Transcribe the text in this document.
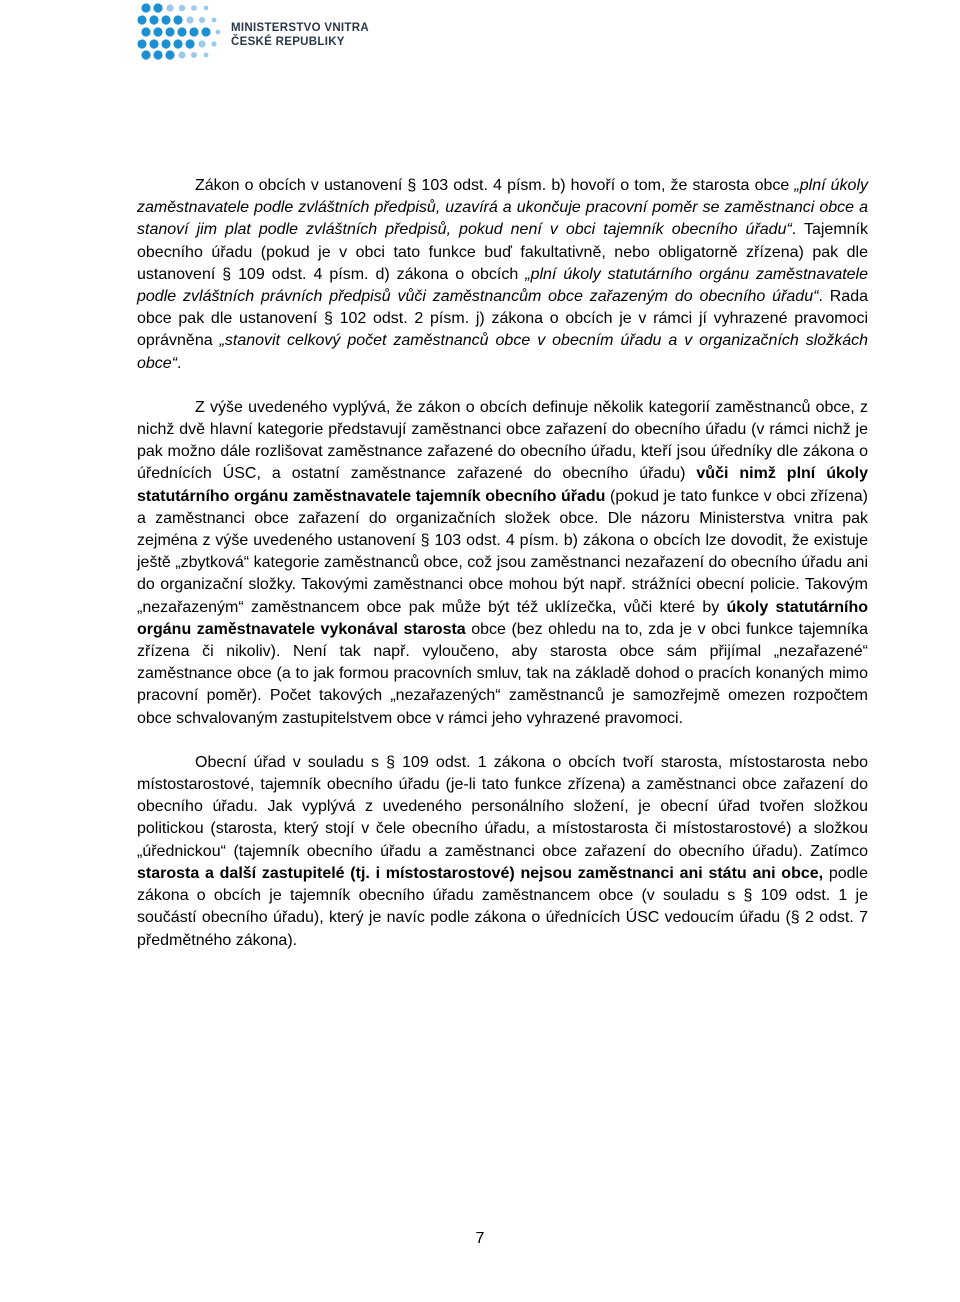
MINISTERSTVO VNITRA
ČESKÉ REPUBLIKY

Zákon o obcích v ustanovení § 103 odst. 4 písm. b) hovoří o tom, že starosta obce „plní úkoly zaměstnavatele podle zvláštních předpisů, uzavírá a ukončuje pracovní poměr se zaměstnanci obce a stanoví jim plat podle zvláštních předpisů, pokud není v obci tajemník obecního úřadu“. Tajemník obecního úřadu (pokud je v obci tato funkce buď fakultativně, nebo obligatorně zřízena) pak dle ustanovení § 109 odst. 4 písm. d) zákona o obcích „plní úkoly statutárního orgánu zaměstnavatele podle zvláštních právních předpisů vůči zaměstnancům obce zařazeným do obecního úřadu“. Rada obce pak dle ustanovení § 102 odst. 2 písm. j) zákona o obcích je v rámci jí vyhrazené pravomoci oprávněna „stanovit celkový počet zaměstnanců obce v obecním úřadu a v organizačních složkách obce“.

Z výše uvedeného vyplývá, že zákon o obcích definuje několik kategorií zaměstnanců obce, z nichž dvě hlavní kategorie představují zaměstnanci obce zařazení do obecního úřadu (v rámci nichž je pak možno dále rozlišovat zaměstnance zařazené do obecního úřadu, kteří jsou úředníky dle zákona o úřednících ÚSC, a ostatní zaměstnance zařazené do obecního úřadu) vůči nimž plní úkoly statutárního orgánu zaměstnavatele tajemník obecního úřadu (pokud je tato funkce v obci zřízena) a zaměstnanci obce zařazení do organizačních složek obce. Dle názoru Ministerstva vnitra pak zejména z výše uvedeného ustanovení § 103 odst. 4 písm. b) zákona o obcích lze dovodit, že existuje ještě „zbytková“ kategorie zaměstnanců obce, což jsou zaměstnanci nezařazení do obecního úřadu ani do organizační složky. Takovými zaměstnanci obce mohou být např. strážníci obecní policie. Takovým „nezařazeným“ zaměstnancem obce pak může být též uklízečka, vůči které by úkoly statutárního orgánu zaměstnavatele vykonával starosta obce (bez ohledu na to, zda je v obci funkce tajemníka zřízena či nikoliv). Není tak např. vyloučeno, aby starosta obce sám přijímal „nezařazené“ zaměstnance obce (a to jak formou pracovních smluv, tak na základě dohod o pracích konaných mimo pracovní poměr). Počet takových „nezařazených“ zaměstnanců je samozřejmě omezen rozpočtem obce schvalovaným zastupitelstvem obce v rámci jeho vyhrazené pravomoci.

Obecní úřad v souladu s § 109 odst. 1 zákona o obcích tvoří starosta, místostarosta nebo místostarostové, tajemník obecního úřadu (je-li tato funkce zřízena) a zaměstnanci obce zařazení do obecního úřadu. Jak vyplývá z uvedeného personálního složení, je obecní úřad tvořen složkou politickou (starosta, který stojí v čele obecního úřadu, a místostarosta či místostarostové) a složkou „úřednickou“ (tajemník obecního úřadu a zaměstnanci obce zařazení do obecního úřadu). Zatímco starosta a další zastupitelé (tj. i místostarostové) nejsou zaměstnanci ani státu ani obce, podle zákona o obcích je tajemník obecního úřadu zaměstnancem obce (v souladu s § 109 odst. 1 je součástí obecního úřadu), který je navíc podle zákona o úřednících ÚSC vedoucím úřadu (§ 2 odst. 7 předmětného zákona).

7
